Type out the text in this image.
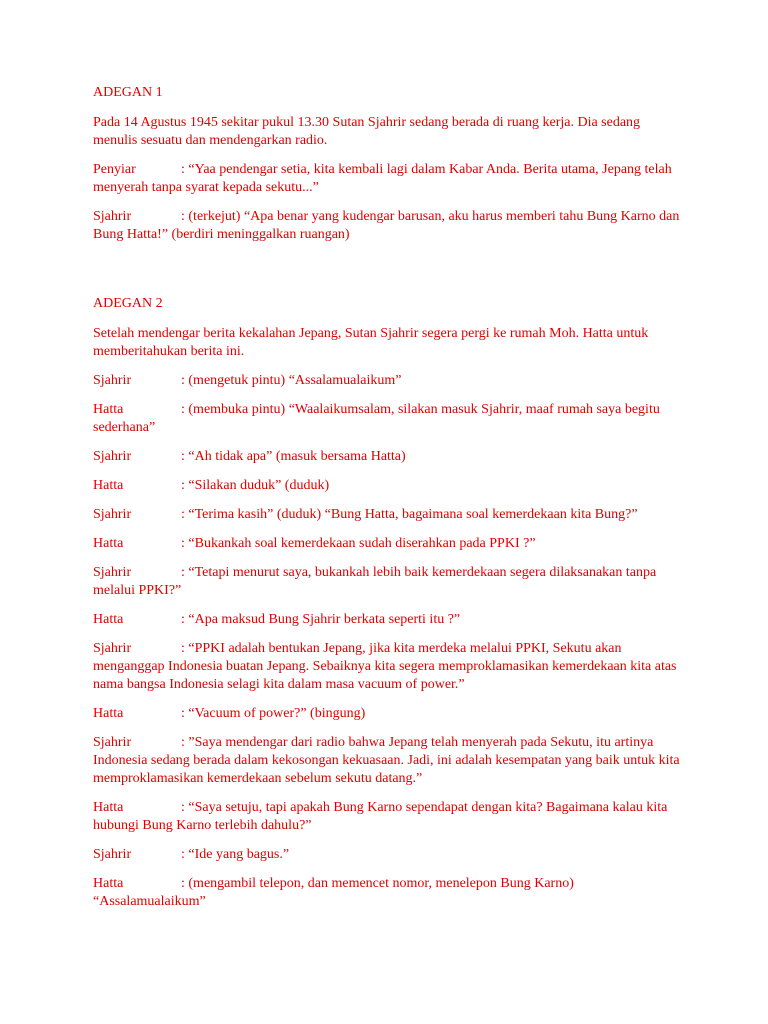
ADEGAN 1

Pada 14 Agustus 1945 sekitar pukul 13.30 Sutan Sjahrir sedang berada di ruang kerja. Dia sedang menulis sesuatu dan mendengarkan radio.

Penyiar	: “Yaa pendengar setia, kita kembali lagi dalam Kabar Anda. Berita utama, Jepang telah menyerah tanpa syarat kepada sekutu...”

Sjahrir	: (terkejut) “Apa benar yang kudengar barusan, aku harus memberi tahu Bung Karno dan Bung Hatta!” (berdiri meninggalkan ruangan)

ADEGAN 2

Setelah mendengar berita kekalahan Jepang, Sutan Sjahrir segera pergi ke rumah Moh. Hatta untuk memberitahukan berita ini.

Sjahrir	: (mengetuk pintu) “Assalamualaikum”

Hatta	: (membuka pintu) “Waalaikumsalam, silakan masuk Sjahrir, maaf rumah saya begitu sederhana”

Sjahrir	: “Ah tidak apa” (masuk bersama Hatta)

Hatta	: “Silakan duduk” (duduk)

Sjahrir	: “Terima kasih” (duduk) “Bung Hatta, bagaimana soal kemerdekaan kita Bung?”

Hatta	: “Bukankah soal kemerdekaan sudah diserahkan pada PPKI ?”

Sjahrir	: “Tetapi menurut saya, bukankah lebih baik kemerdekaan segera dilaksanakan tanpa melalui PPKI?”

Hatta	: “Apa maksud Bung Sjahrir berkata seperti itu ?”

Sjahrir	: “PPKI adalah bentukan Jepang, jika kita merdeka melalui PPKI, Sekutu akan menganggap Indonesia buatan Jepang. Sebaiknya kita segera memproklamasikan kemerdekaan kita atas nama bangsa Indonesia selagi kita dalam masa vacuum of power.”

Hatta	: “Vacuum of power?” (bingung)

Sjahrir	: ”Saya mendengar dari radio bahwa Jepang telah menyerah pada Sekutu, itu artinya Indonesia sedang berada dalam kekosongan kekuasaan. Jadi, ini adalah kesempatan yang baik untuk kita memproklamasikan kemerdekaan sebelum sekutu datang.”

Hatta	: “Saya setuju, tapi apakah Bung Karno sependapat dengan kita? Bagaimana kalau kita hubungi Bung Karno terlebih dahulu?”

Sjahrir	: “Ide yang bagus.”

Hatta	: (mengambil telepon, dan memencet nomor, menelepon Bung Karno) “Assalamualaikum”
